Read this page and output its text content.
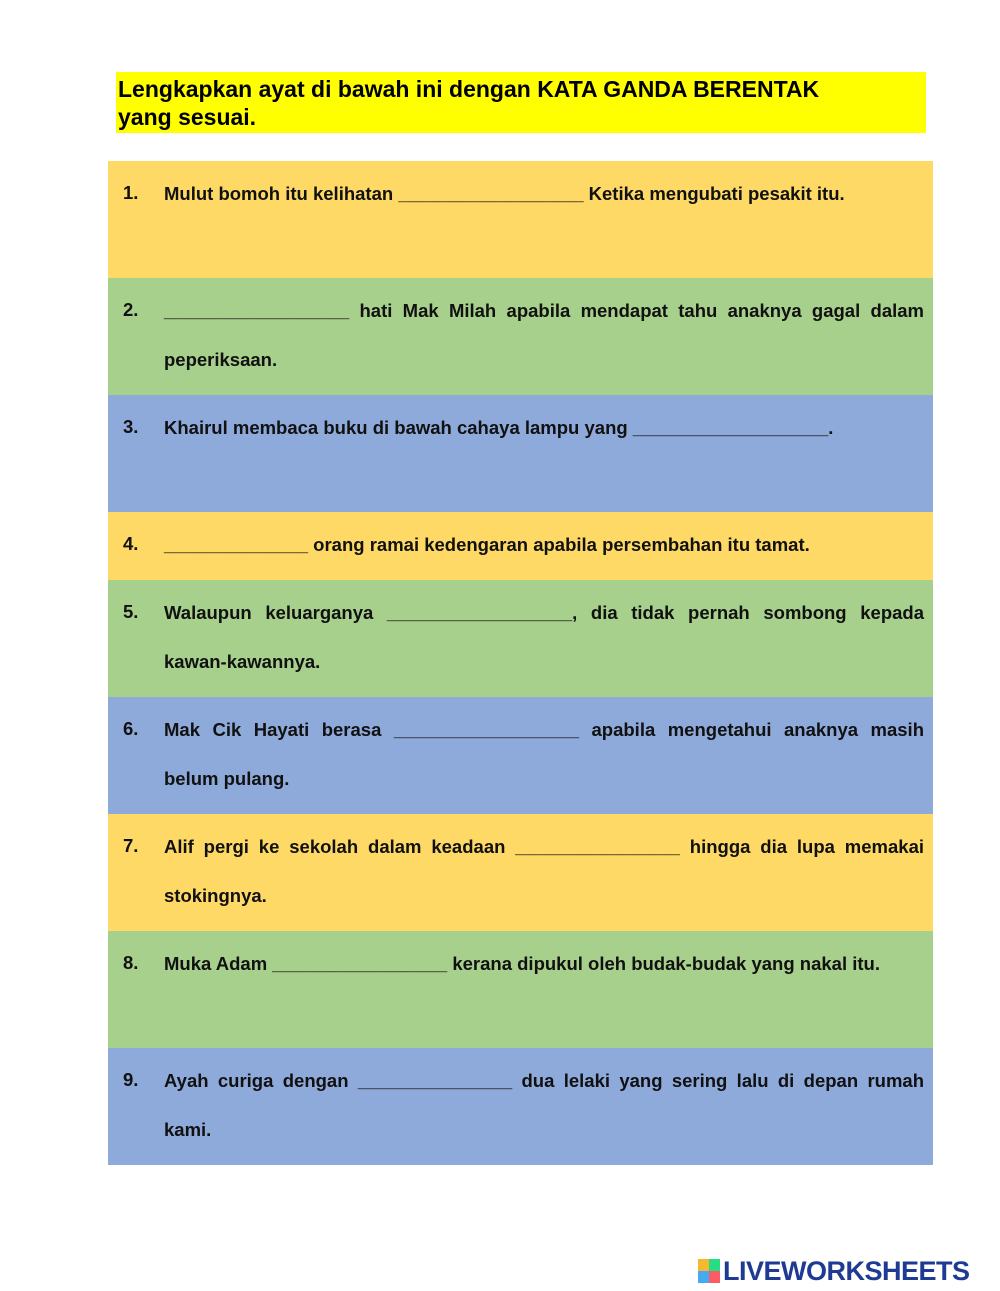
Lengkapkan ayat di bawah ini dengan KATA GANDA BERENTAK
yang sesuai.
1. Mulut bomoh itu kelihatan __________________ Ketika mengubati pesakit itu.
2. __________________ hati Mak Milah apabila mendapat tahu anaknya gagal dalam peperiksaan.
3. Khairul membaca buku di bawah cahaya lampu yang ___________________.
4. ______________ orang ramai kedengaran apabila persembahan itu tamat.
5. Walaupun keluarganya __________________, dia tidak pernah sombong kepada kawan-kawannya.
6. Mak Cik Hayati berasa __________________ apabila mengetahui anaknya masih belum pulang.
7. Alif pergi ke sekolah dalam keadaan ________________ hingga dia lupa memakai stokingnya.
8. Muka Adam _________________ kerana dipukul oleh budak-budak yang nakal itu.
9. Ayah curiga dengan _______________ dua lelaki yang sering lalu di depan rumah kami.
LIVEWORKSHEETS
